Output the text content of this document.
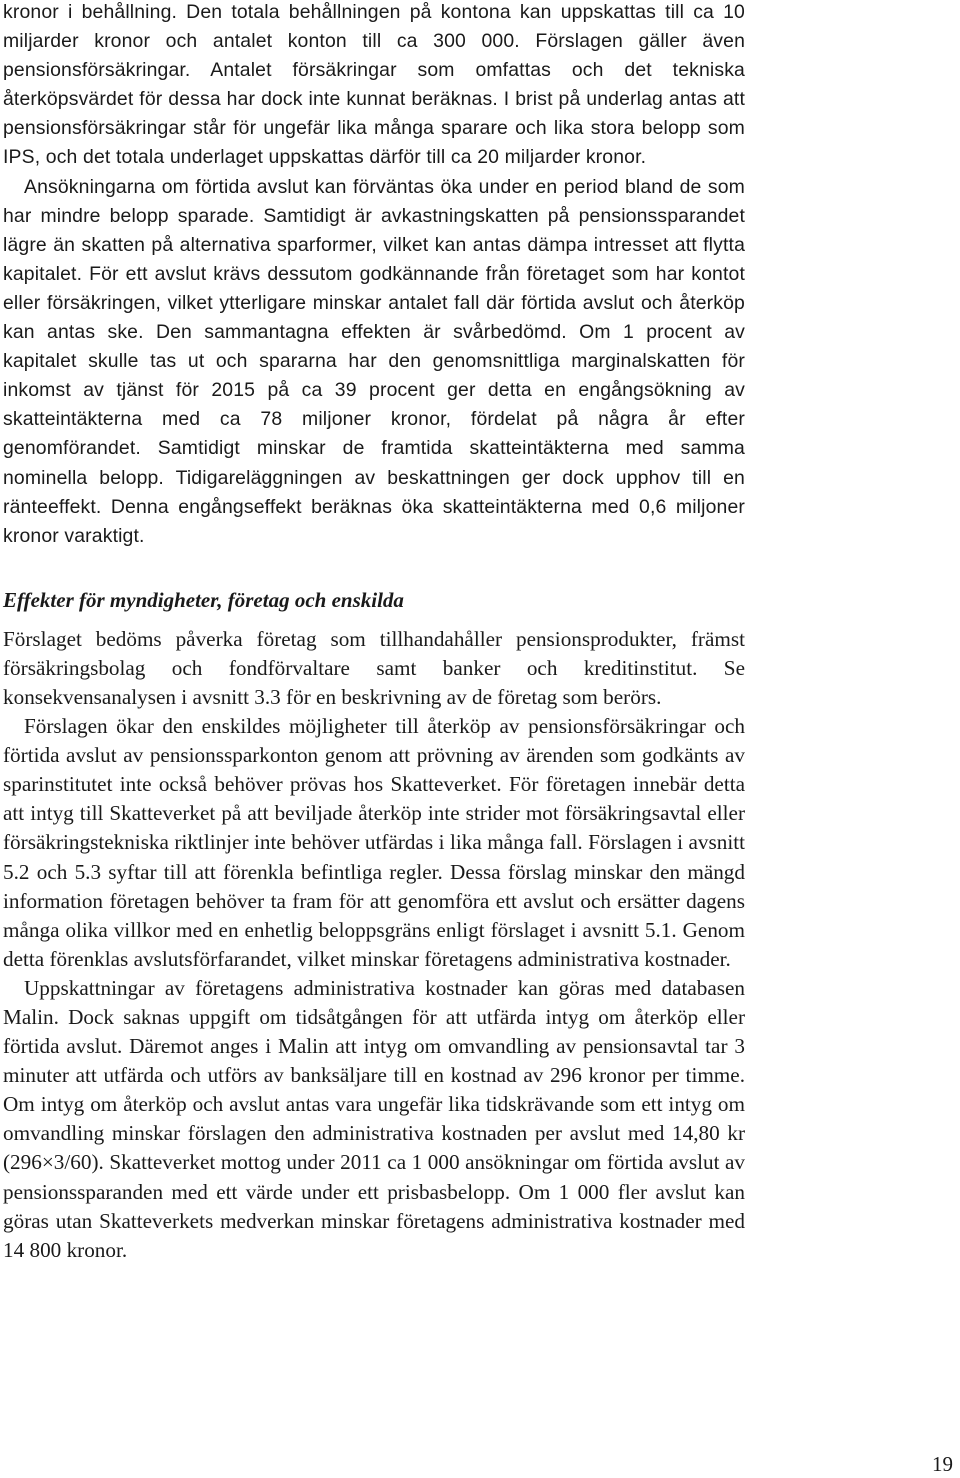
kronor i behållning. Den totala behållningen på kontona kan uppskattas till ca 10 miljarder kronor och antalet konton till ca 300 000. Förslagen gäller även pensionsförsäkringar. Antalet försäkringar som omfattas och det tekniska återköpsvärdet för dessa har dock inte kunnat beräknas. I brist på underlag antas att pensionsförsäkringar står för ungefär lika många sparare och lika stora belopp som IPS, och det totala underlaget uppskattas därför till ca 20 miljarder kronor.

Ansökningarna om förtida avslut kan förväntas öka under en period bland de som har mindre belopp sparade. Samtidigt är avkastningskatten på pensionssparandet lägre än skatten på alternativa sparformer, vilket kan antas dämpa intresset att flytta kapitalet. För ett avslut krävs dessutom godkännande från företaget som har kontot eller försäkringen, vilket ytterligare minskar antalet fall där förtida avslut och återköp kan antas ske. Den sammantagna effekten är svårbedömd. Om 1 procent av kapitalet skulle tas ut och spararna har den genomsnittliga marginalskatten för inkomst av tjänst för 2015 på ca 39 procent ger detta en engångsökning av skatteintäkterna med ca 78 miljoner kronor, fördelat på några år efter genomförandet. Samtidigt minskar de framtida skatteintäkterna med samma nominella belopp. Tidigareläggningen av beskattningen ger dock upphov till en ränteeffekt. Denna engångseffekt beräknas öka skatteintäkterna med 0,6 miljoner kronor varaktigt.

Effekter för myndigheter, företag och enskilda

Förslaget bedöms påverka företag som tillhandahåller pensionsprodukter, främst försäkringsbolag och fondförvaltare samt banker och kreditinstitut. Se konsekvensanalysen i avsnitt 3.3 för en beskrivning av de företag som berörs.

Förslagen ökar den enskildes möjligheter till återköp av pensionsförsäkringar och förtida avslut av pensionssparkonton genom att prövning av ärenden som godkänts av sparinstitutet inte också behöver prövas hos Skatteverket. För företagen innebär detta att intyg till Skatteverket på att beviljade återköp inte strider mot försäkringsavtal eller försäkringstekniska riktlinjer inte behöver utfärdas i lika många fall. Förslagen i avsnitt 5.2 och 5.3 syftar till att förenkla befintliga regler. Dessa förslag minskar den mängd information företagen behöver ta fram för att genomföra ett avslut och ersätter dagens många olika villkor med en enhetlig beloppsgräns enligt förslaget i avsnitt 5.1. Genom detta förenklas avslutsförfarandet, vilket minskar företagens administrativa kostnader.

Uppskattningar av företagens administrativa kostnader kan göras med databasen Malin. Dock saknas uppgift om tidsåtgången för att utfärda intyg om återköp eller förtida avslut. Däremot anges i Malin att intyg om omvandling av pensionsavtal tar 3 minuter att utfärda och utförs av banksäljare till en kostnad av 296 kronor per timme. Om intyg om återköp och avslut antas vara ungefär lika tidskrävande som ett intyg om omvandling minskar förslagen den administrativa kostnaden per avslut med 14,80 kr (296×3/60). Skatteverket mottog under 2011 ca 1 000 ansökningar om förtida avslut av pensionssparanden med ett värde under ett prisbasbelopp. Om 1 000 fler avslut kan göras utan Skatteverkets medverkan minskar företagens administrativa kostnader med 14 800 kronor.

19
